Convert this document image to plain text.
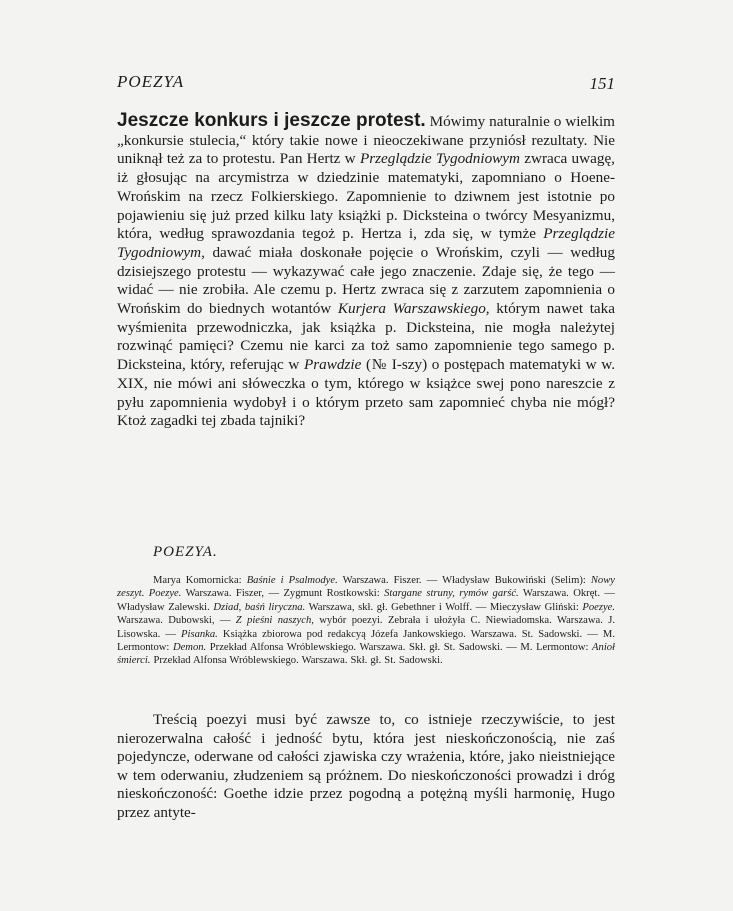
POEZYA	151

Jeszcze konkurs i jeszcze protest. Mówimy naturalnie o wielkim „konkursie stulecia,“ który takie nowe i nieoczekiwane przyniósł rezultaty. Nie uniknął też za to protestu. Pan Hertz w Przeglądzie Tygodniowym zwraca uwagę, iż głosując na arcymistrza w dziedzinie matematyki, zapomniano o Hoene-Wrońskim na rzecz Folkierskiego. Zapomnienie to dziwnem jest istotnie po pojawieniu się już przed kilku laty książki p. Dicksteina o twórcy Mesyanizmu, która, według sprawozdania tegoż p. Hertza i, zda się, w tymże Przeglądzie Tygodniowym, dawać miała doskonałe pojęcie o Wrońskim, czyli — według dzisiejszego protestu — wykazywać całe jego znaczenie. Zdaje się, że tego — widać — nie zrobiła. Ale czemu p. Hertz zwraca się z zarzutem zapomnienia o Wrońskim do biednych wotantów Kurjera Warszawskiego, którym nawet taka wyśmienita przewodniczka, jak książka p. Dicksteina, nie mogła należytej rozwinąć pamięci? Czemu nie karci za toż samo zapomnienie tego samego p. Dicksteina, który, referując w Prawdzie (№ I-szy) o postępach matematyki w w. XIX, nie mówi ani słóweczka o tym, którego w książce swej pono nareszcie z pyłu zapomnienia wydobył i o którym przeto sam zapomnieć chyba nie mógł? Ktoż zagadki tej zbada tajniki?

POEZYA.

Marya Komornicka: Baśnie i Psalmodye. Warszawa. Fiszer. — Władysław Bukowiński (Selim): Nowy zeszyt. Poezye. Warszawa. Fiszer, — Zygmunt Rostkowski: Stargane struny, rymów garść. Warszawa. Okręt. — Władysław Zalewski. Dziad, baśń liryczna. Warszawa, skł. gł. Gebethner i Wolff. — Mieczysław Gliński: Poezye. Warszawa. Dubowski, — Z pieśni naszych, wybór poezyi. Zebrała i ułożyła C. Niewiadomska. Warszawa. J. Lisowska. — Pisanka. Książka zbiorowa pod redakcyą Józefa Jankowskiego. Warszawa. St. Sadowski. — M. Lermontow: Demon. Przekład Alfonsa Wróblewskiego. Warszawa. Skł. gł. St. Sadowski. — M. Lermontow: Anioł śmierci. Przekład Alfonsa Wróblewskiego. Warszawa. Skł. gł. St. Sadowski.

Treścią poezyi musi być zawsze to, co istnieje rzeczywiście, to jest nierozerwalna całość i jedność bytu, która jest nieskończonością, nie zaś pojedyncze, oderwane od całości zjawiska czy wrażenia, które, jako nieistniejące w tem oderwaniu, złudzeniem są próżnem. Do nieskończoności prowadzi i dróg nieskończoność: Goethe idzie przez pogodną a potężną myśli harmonię, Hugo przez antyte-
